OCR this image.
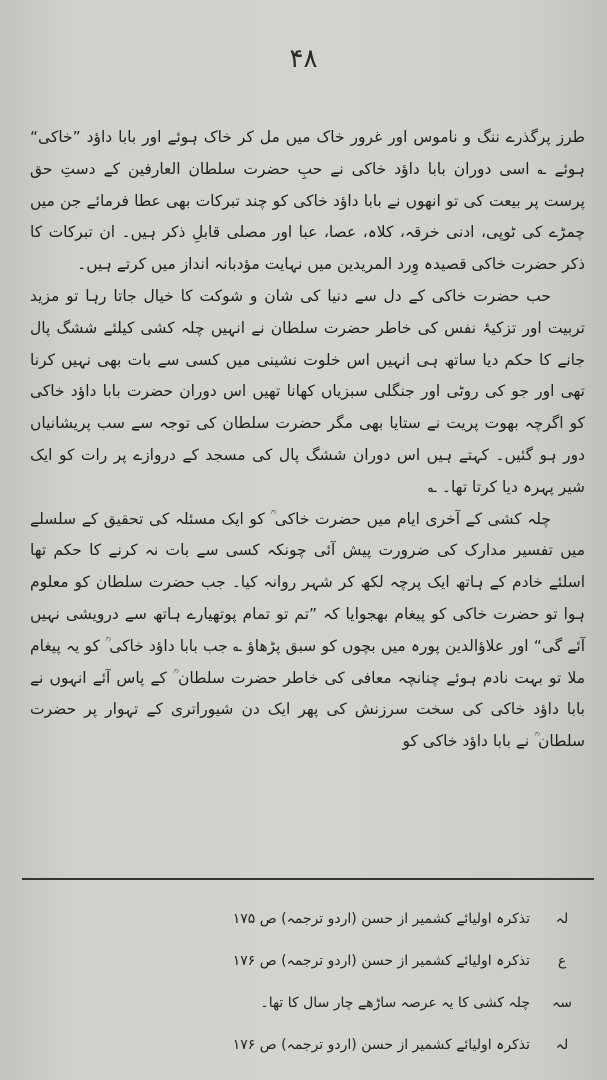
۴۸

طرز پرگذرے ننگ و ناموس اور غرور خاک میں مل کر خاک ہوئے اور بابا داؤد ”خاکی“ ہوئے ؎ اسی دوران بابا داؤد خاکی نے حبِ حضرت سلطان العارفین کے دستِ حق پرست پر بیعت کی تو انھوں نے بابا داؤد خاکی کو چند تبرکات بھی عطا فرمائے جن میں چمڑے کی ٹوپی، ادنی خرقہ، کلاہ، عصا، عبا اور مصلی قابلِ ذکر ہیں۔ ان تبرکات کا ذکر حضرت خاکی قصیدہ وِرد المریدین میں نہایت مؤدبانہ انداز میں کرتے ہیں۔

حب حضرت خاکی کے دل سے دنیا کی شان و شوکت کا خیال جاتا رہا تو مزید تربیت اور تزکیۂ نفس کی خاطر حضرت سلطان نے انہیں چلہ کشی کیلئے ششگ پال جانے کا حکم دیا ساتھ ہی انہیں اس خلوت نشینی میں کسی سے بات بھی نہیں کرنا تھی اور جو کی روٹی اور جنگلی سبزیاں کھانا تھیں اس دوران حضرت بابا داؤد خاکی کو اگرچہ بھوت پریت نے ستایا بھی مگر حضرت سلطان کی توجہ سے سب پریشانیاں دور ہو گئیں۔ کہتے ہیں اس دوران ششگ پال کی مسجد کے دروازے پر رات کو ایک شیر پہرہ دیا کرتا تھا۔ ؎

چلہ کشی کے آخری ایام میں حضرت خاکی ؒ کو ایک مسئلہ کی تحقیق کے سلسلے میں تفسیر مدارک کی ضرورت پیش آئی چونکہ کسی سے بات نہ کرنے کا حکم تھا اسلئے خادم کے ہاتھ ایک پرچہ لکھ کر شہر روانہ کیا۔ جب حضرت سلطان کو معلوم ہوا تو حضرت خاکی کو پیغام بھجوایا کہ ”تم تو تمام پوتھیارے ہاتھ سے درویشی نہیں آئے گی“ اور علاؤالدین پورہ میں بچوں کو سبق پڑھاؤ ؎ جب بابا داؤد خاکی ؒ کو یہ پیغام ملا تو بہت نادم ہوئے چنانچہ معافی کی خاطر حضرت سلطان ؒ کے پاس آئے انہوں نے بابا داؤد خاکی کی سخت سرزنش کی پھر ایک دن شیوراتری کے تہوار پر حضرت سلطان ؒ نے بابا داؤد خاکی کو

لہ
تذکرہ اولیائے کشمیر از حسن (اردو ترجمہ) ص ۱۷۵
ع
تذکرہ اولیائے کشمیر از حسن (اردو ترجمہ) ص ۱۷۶
سہ
چلہ کشی کا یہ عرصہ ساڑھے چار سال کا تھا۔
لہ
تذکرہ اولیائے کشمیر از حسن (اردو ترجمہ) ص ۱۷۶
